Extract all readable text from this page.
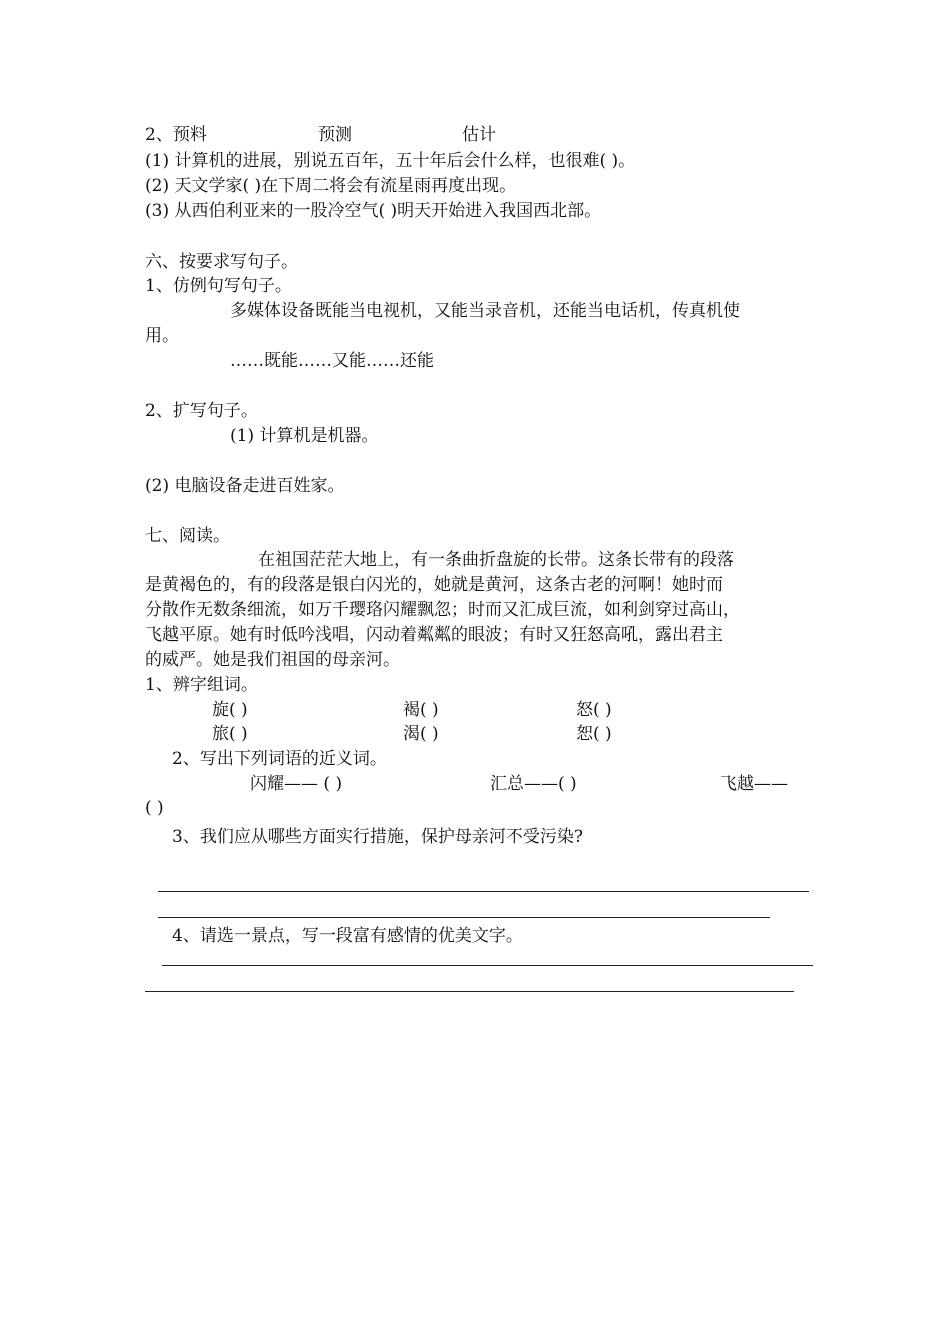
2、预料	预测	估计
(1) 计算机的进展，别说五百年，五十年后会什么样，也很难( )。
(2) 天文学家( )在下周二将会有流星雨再度出现。
(3) 从西伯利亚来的一股冷空气( )明天开始进入我国西北部。
六、按要求写句子。
1、仿例句写句子。
多媒体设备既能当电视机，又能当录音机，还能当电话机，传真机使
用。
……既能……又能……还能
2、扩写句子。
(1) 计算机是机器。
(2) 电脑设备走进百姓家。
七、阅读。
在祖国茫茫大地上，有一条曲折盘旋的长带。这条长带有的段落
是黄褐色的，有的段落是银白闪光的，她就是黄河，这条古老的河啊！她时而
分散作无数条细流，如万千璎珞闪耀飘忽；时而又汇成巨流，如利剑穿过高山，
飞越平原。她有时低吟浅唱，闪动着粼粼的眼波；有时又狂怒高吼，露出君主
的威严。她是我们祖国的母亲河。
1、辨字组词。
旋( )	褐( )	怒( )
旅( )	渴( )	恕( )
2、写出下列词语的近义词。
闪耀—— ( )	汇总——( )	飞越——
( )
3、我们应从哪些方面实行措施，保护母亲河不受污染?
4、请选一景点，写一段富有感情的优美文字。
